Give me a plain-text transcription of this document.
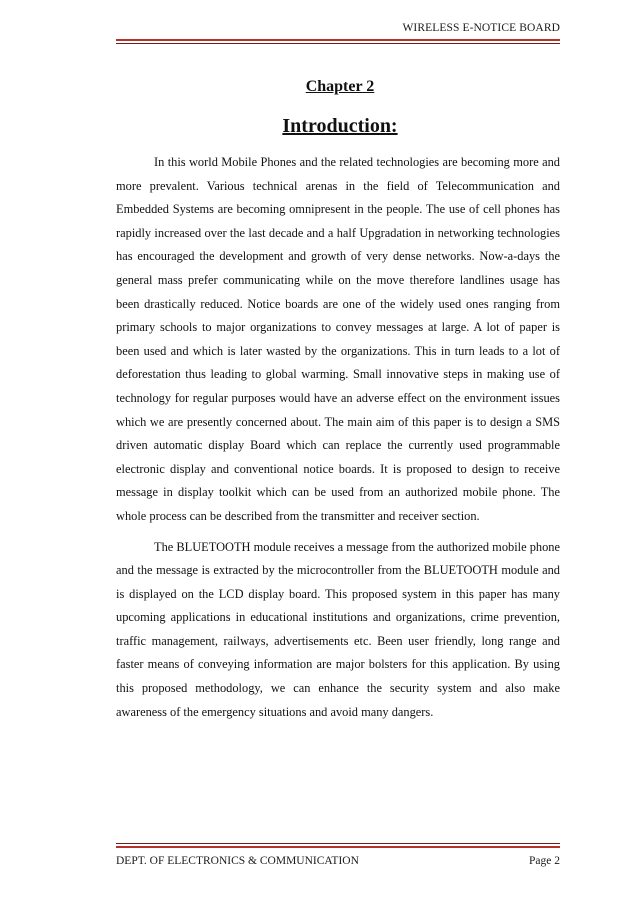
WIRELESS E-NOTICE BOARD
Chapter 2
Introduction:

In this world Mobile Phones and the related technologies are becoming more and more prevalent. Various technical arenas in the field of Telecommunication and Embedded Systems are becoming omnipresent in the people. The use of cell phones has rapidly increased over the last decade and a half Upgradation in networking technologies has encouraged the development and growth of very dense networks. Now-a-days the general mass prefer communicating while on the move therefore landlines usage has been drastically reduced. Notice boards are one of the widely used ones ranging from primary schools to major organizations to convey messages at large. A lot of paper is been used and which is later wasted by the organizations. This in turn leads to a lot of deforestation thus leading to global warming. Small innovative steps in making use of technology for regular purposes would have an adverse effect on the environment issues which we are presently concerned about. The main aim of this paper is to design a SMS driven automatic display Board which can replace the currently used programmable electronic display and conventional notice boards. It is proposed to design to receive message in display toolkit which can be used from an authorized mobile phone. The whole process can be described from the transmitter and receiver section.

The BLUETOOTH module receives a message from the authorized mobile phone and the message is extracted by the microcontroller from the BLUETOOTH module and is displayed on the LCD display board. This proposed system in this paper has many upcoming applications in educational institutions and organizations, crime prevention, traffic management, railways, advertisements etc. Been user friendly, long range and faster means of conveying information are major bolsters for this application. By using this proposed methodology, we can enhance the security system and also make awareness of the emergency situations and avoid many dangers.

DEPT. OF ELECTRONICS & COMMUNICATION	Page 2
